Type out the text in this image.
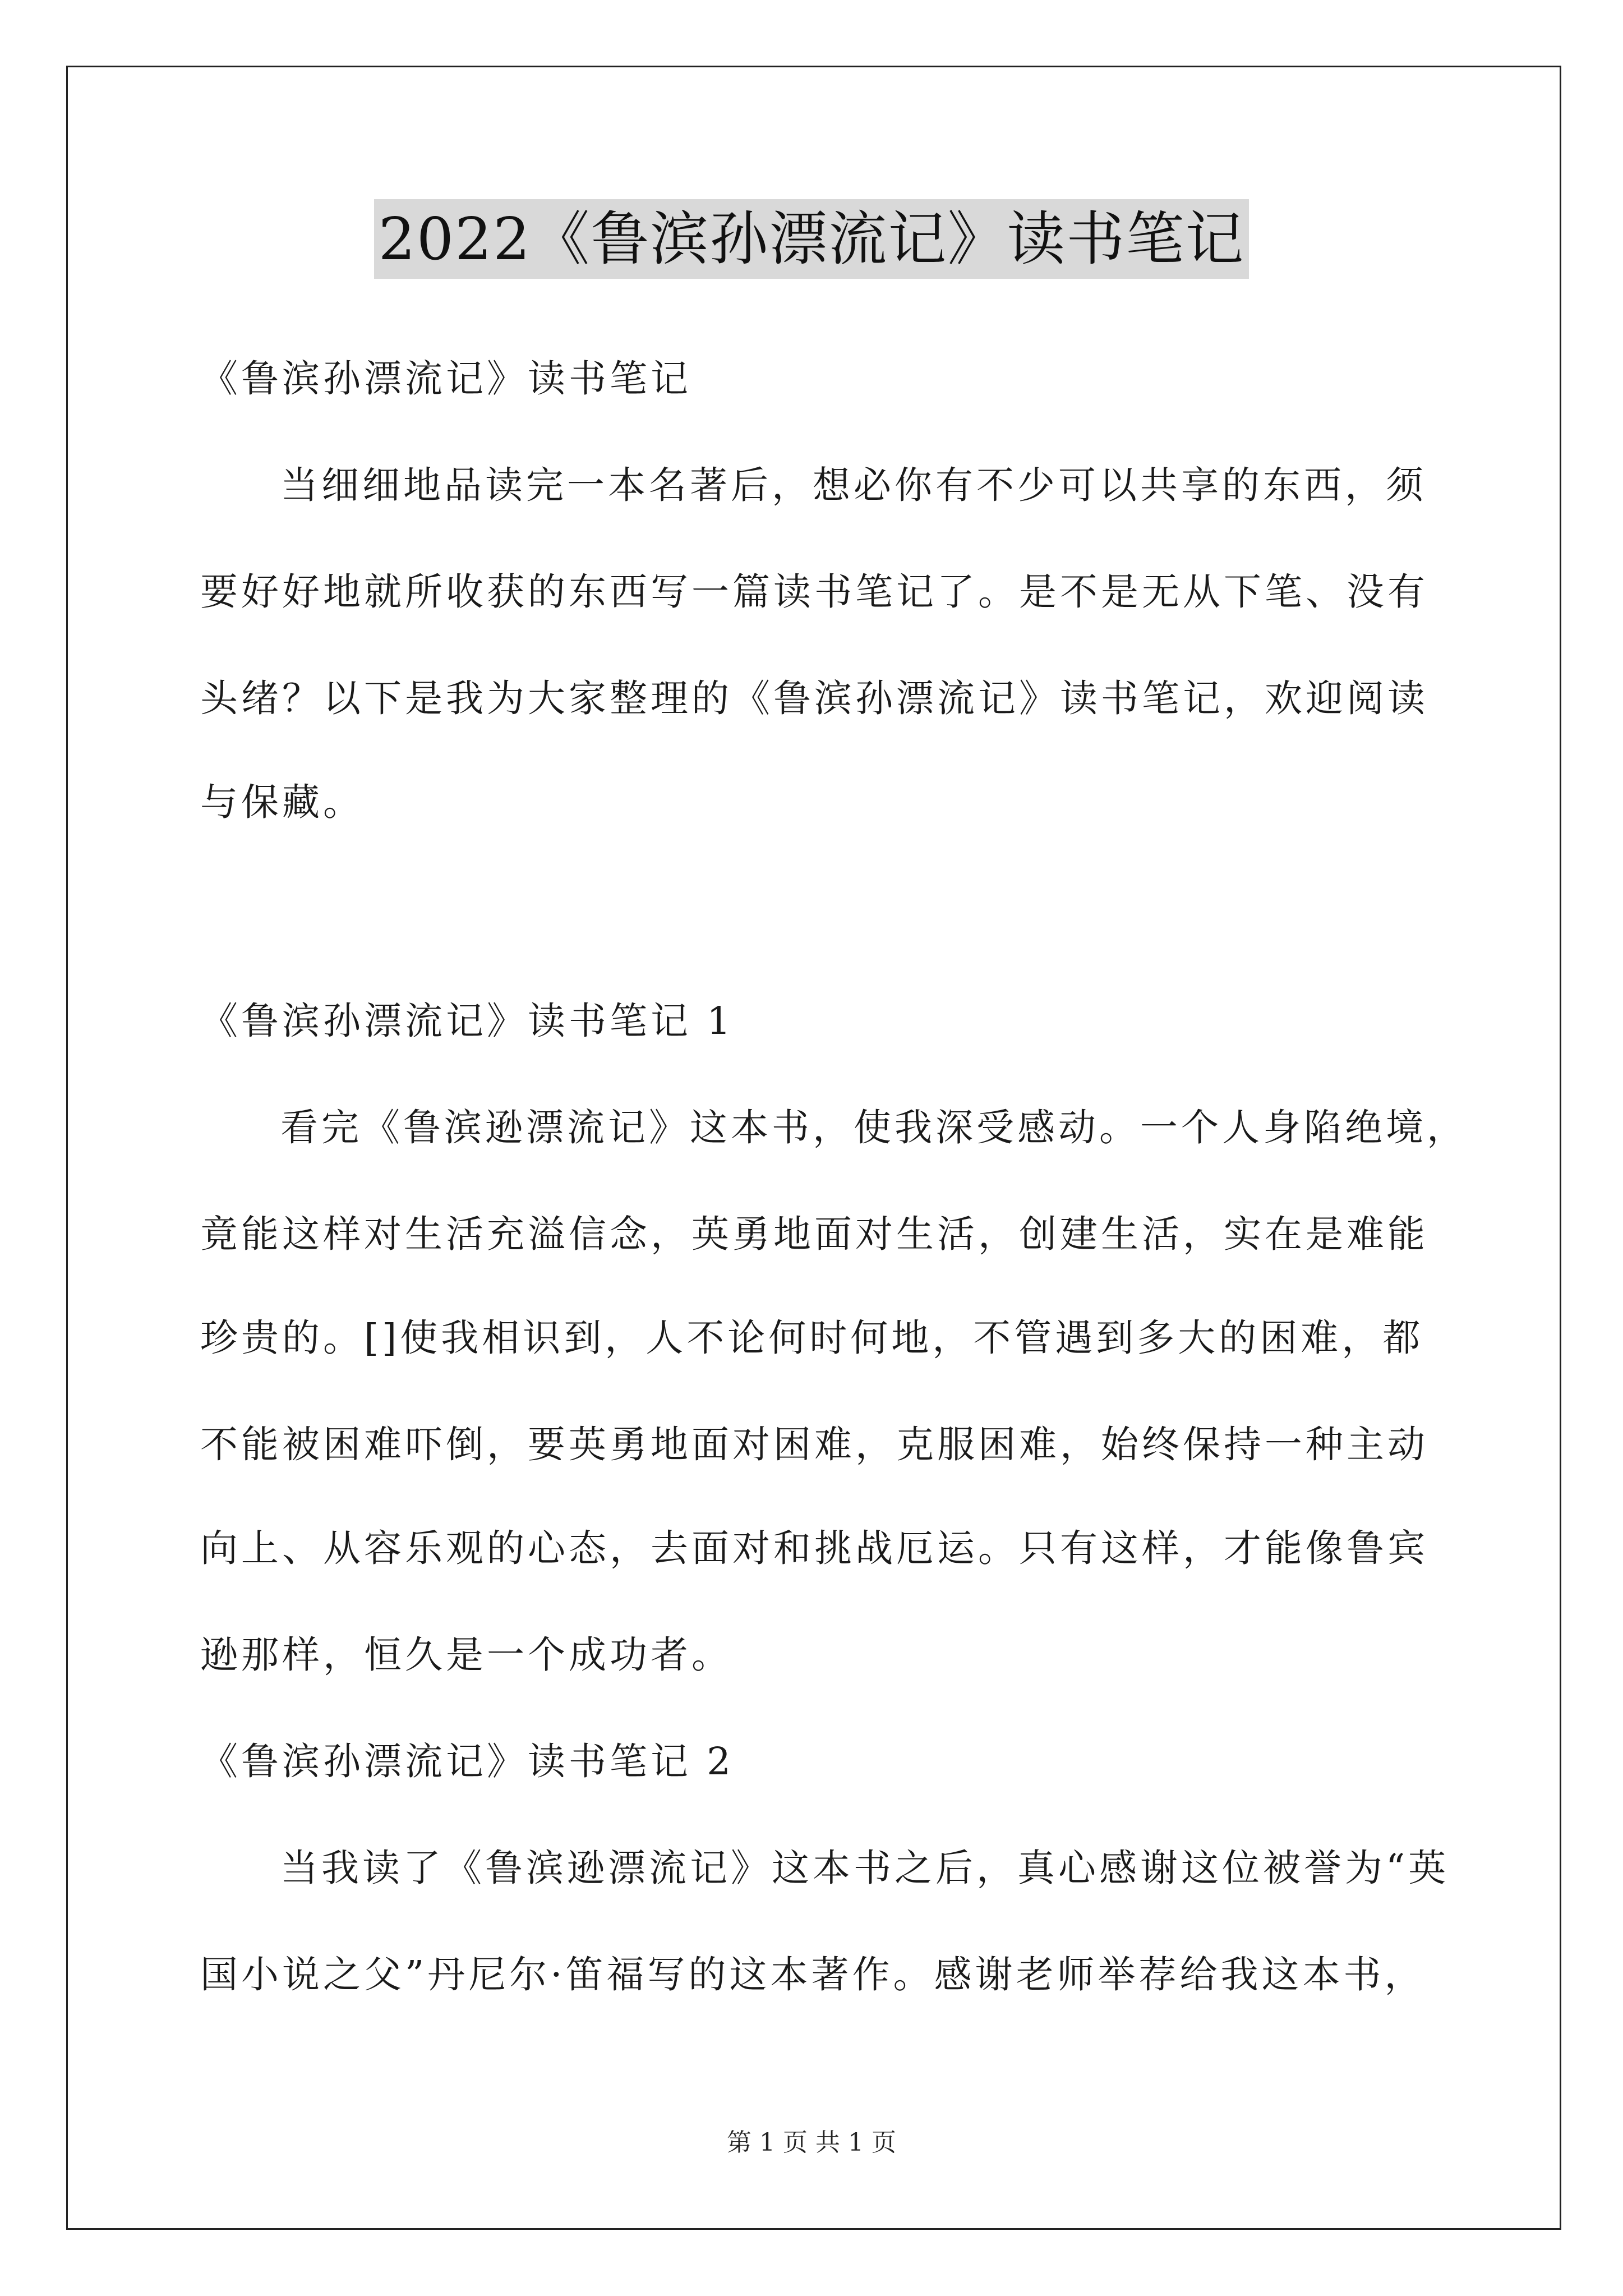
2022《鲁滨孙漂流记》读书笔记
《鲁滨孙漂流记》读书笔记
当细细地品读完一本名著后，想必你有不少可以共享的东西，须
要好好地就所收获的东西写一篇读书笔记了。是不是无从下笔、没有
头绪？以下是我为大家整理的《鲁滨孙漂流记》读书笔记，欢迎阅读
与保藏。
《鲁滨孙漂流记》读书笔记 1
看完《鲁滨逊漂流记》这本书，使我深受感动。一个人身陷绝境，
竟能这样对生活充溢信念，英勇地面对生活，创建生活，实在是难能
珍贵的。[]使我相识到，人不论何时何地，不管遇到多大的困难，都
不能被困难吓倒，要英勇地面对困难，克服困难，始终保持一种主动
向上、从容乐观的心态，去面对和挑战厄运。只有这样，才能像鲁宾
逊那样，恒久是一个成功者。
《鲁滨孙漂流记》读书笔记 2
当我读了《鲁滨逊漂流记》这本书之后，真心感谢这位被誉为“英
国小说之父”丹尼尔·笛福写的这本著作。感谢老师举荐给我这本书，
第 1 页 共 1 页
